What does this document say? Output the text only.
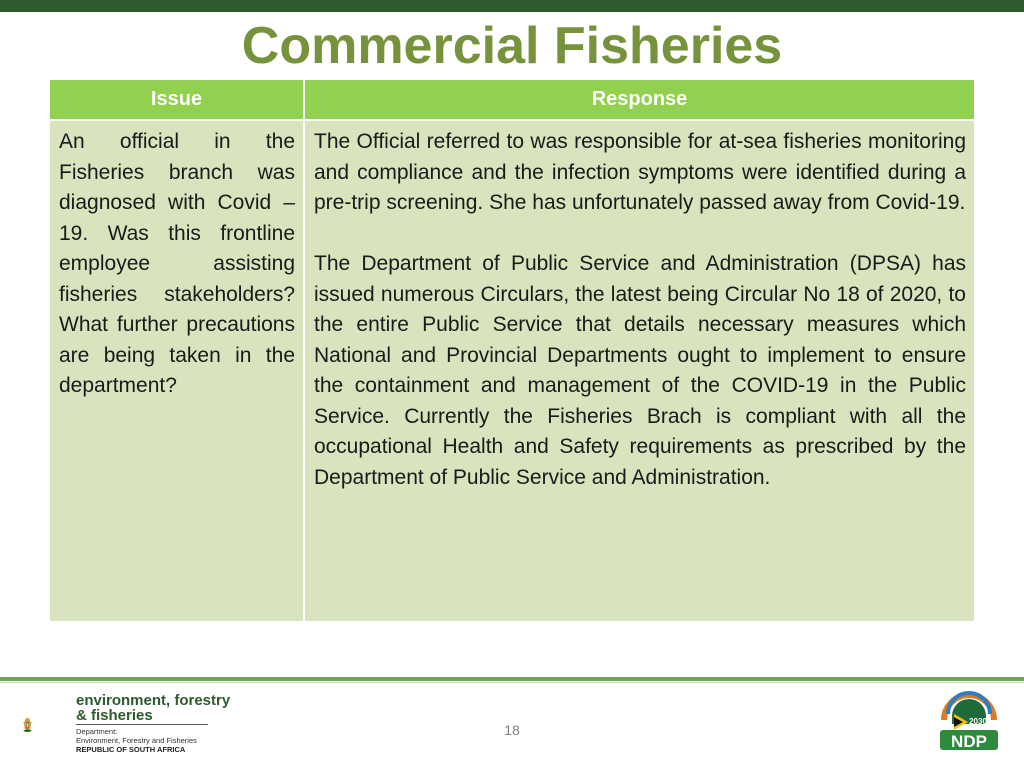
Commercial Fisheries
Issue	Response

An official in the Fisheries branch was diagnosed with Covid – 19. Was this frontline employee assisting fisheries stakeholders? What further precautions are being taken in the department?	The Official referred to was responsible for at-sea fisheries monitoring and compliance and the infection symptoms were identified during a pre-trip screening. She has unfortunately passed away from Covid-19.

The Department of Public Service and Administration (DPSA) has issued numerous Circulars, the latest being Circular No 18 of 2020, to the entire Public Service that details necessary measures which National and Provincial Departments ought to implement to ensure the containment and management of the COVID-19 in the Public Service. Currently the Fisheries Brach is compliant with all the occupational Health and Safety requirements as prescribed by the Department of Public Service and Administration.

environment, forestry
& fisheries
Department:
Environment, Forestry and Fisheries
REPUBLIC OF SOUTH AFRICA
18
2030
NDP
